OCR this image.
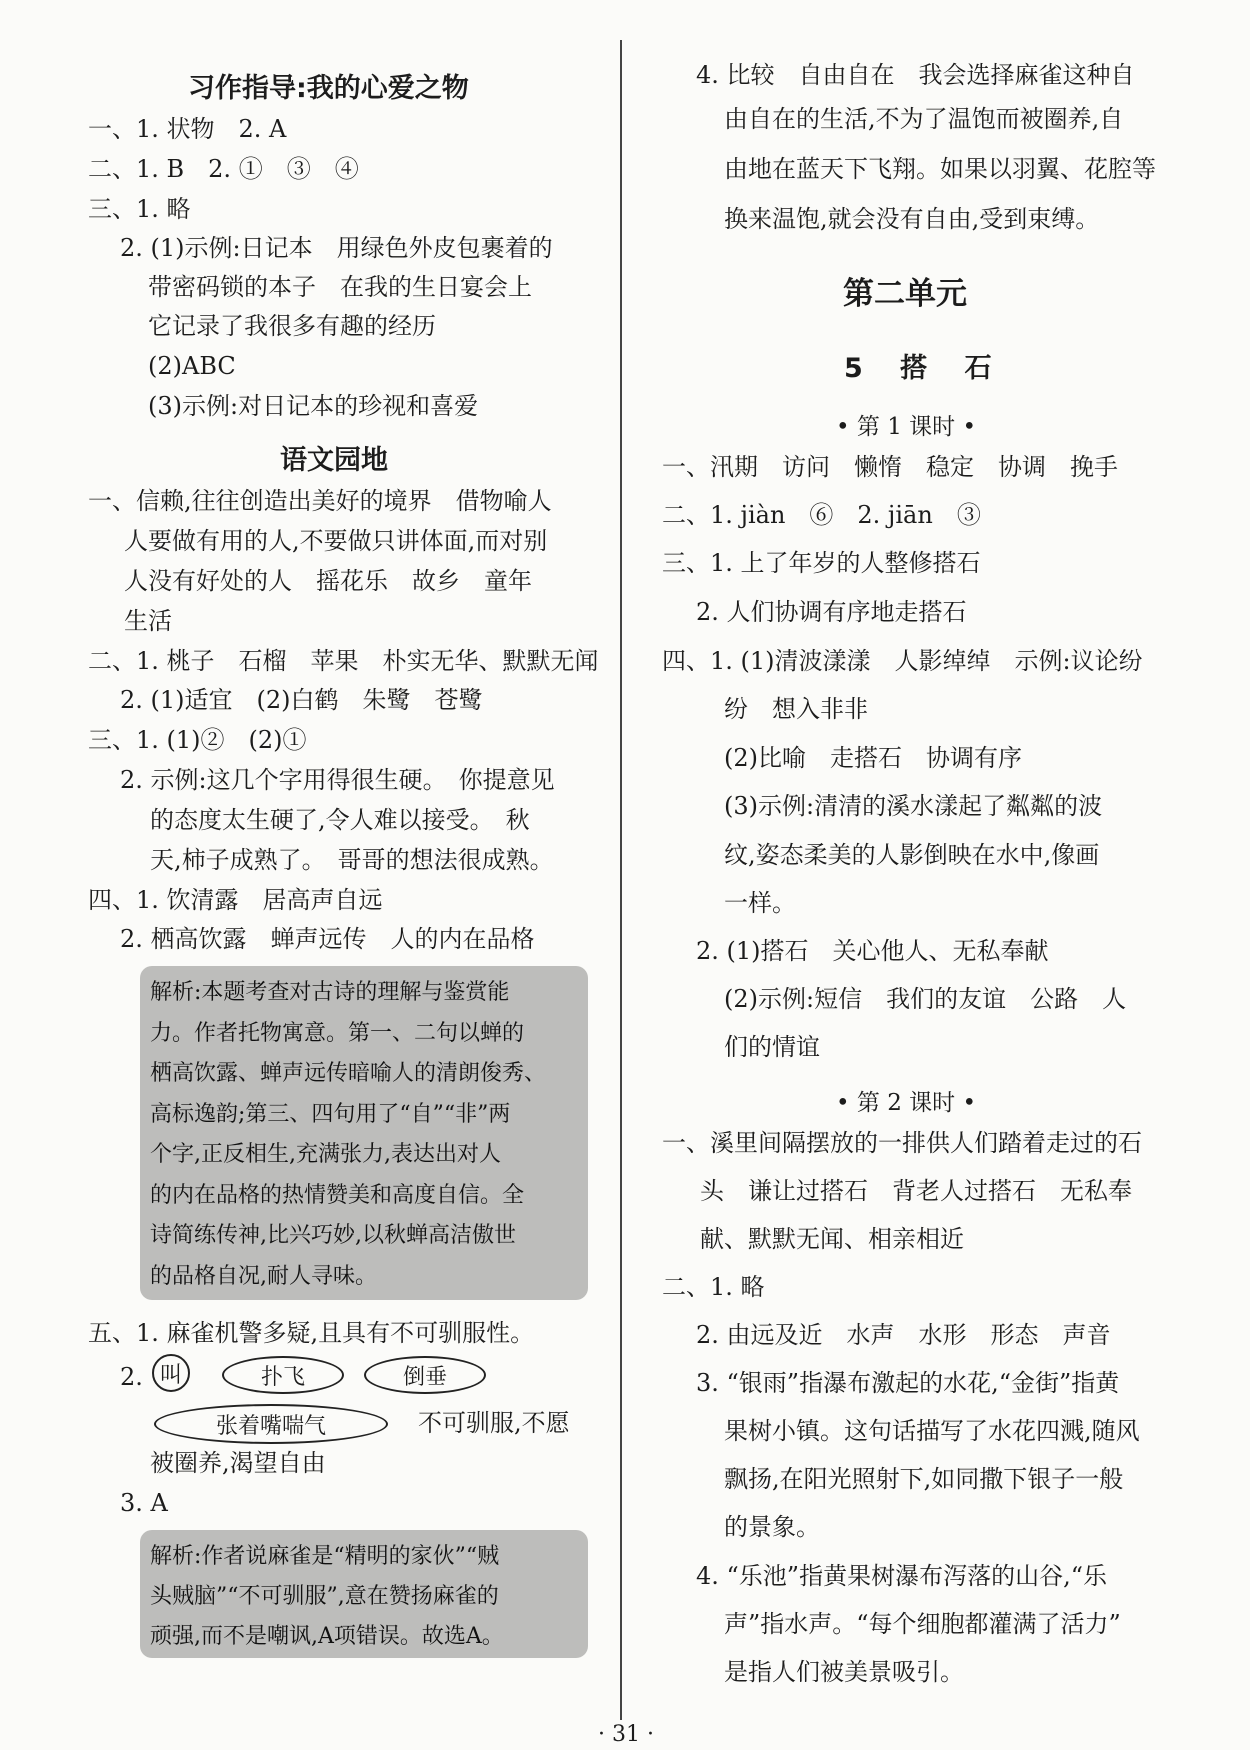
习作指导:我的心爱之物
一、1. 状物　2. A
二、1. B　2. ①　③　④
三、1. 略
2. (1)示例:日记本　用绿色外皮包裹着的
带密码锁的本子　在我的生日宴会上
它记录了我很多有趣的经历
(2)ABC
(3)示例:对日记本的珍视和喜爱
语文园地
一、信赖,往往创造出美好的境界　借物喻人
人要做有用的人,不要做只讲体面,而对别
人没有好处的人　摇花乐　故乡　童年
生活
二、1. 桃子　石榴　苹果　朴实无华、默默无闻
2. (1)适宜　(2)白鹤　朱鹭　苍鹭
三、1. (1)②　(2)①
2. 示例:这几个字用得很生硬。　你提意见
的态度太生硬了,令人难以接受。　秋
天,柿子成熟了。　哥哥的想法很成熟。
四、1. 饮清露　居高声自远
2. 栖高饮露　蝉声远传　人的内在品格
解析:本题考查对古诗的理解与鉴赏能
力。作者托物寓意。第一、二句以蝉的
栖高饮露、蝉声远传暗喻人的清朗俊秀、
高标逸韵;第三、四句用了“自”“非”两
个字,正反相生,充满张力,表达出对人
的内在品格的热情赞美和高度自信。全
诗简练传神,比兴巧妙,以秋蝉高洁傲世
的品格自况,耐人寻味。
五、1. 麻雀机警多疑,且具有不可驯服性。
2. 叫	扑飞	倒垂
张着嘴喘气	不可驯服,不愿
被圈养,渴望自由
3. A
解析:作者说麻雀是“精明的家伙”“贼
头贼脑”“不可驯服”,意在赞扬麻雀的
顽强,而不是嘲讽,A项错误。故选A。
4. 比较　自由自在　我会选择麻雀这种自
由自在的生活,不为了温饱而被圈养,自
由地在蓝天下飞翔。如果以羽翼、花腔等
换来温饱,就会没有自由,受到束缚。
第二单元
5 搭 石
• 第 1 课时 •
一、汛期　访问　懒惰　稳定　协调　挽手
二、1. jiàn　⑥　2. jiān　③
三、1. 上了年岁的人整修搭石
2. 人们协调有序地走搭石
四、1. (1)清波漾漾　人影绰绰　示例:议论纷
纷　想入非非
(2)比喻　走搭石　协调有序
(3)示例:清清的溪水漾起了粼粼的波
纹,姿态柔美的人影倒映在水中,像画
一样。
2. (1)搭石　关心他人、无私奉献
(2)示例:短信　我们的友谊　公路　人
们的情谊
• 第 2 课时 •
一、溪里间隔摆放的一排供人们踏着走过的石
头　谦让过搭石　背老人过搭石　无私奉
献、默默无闻、相亲相近
二、1. 略
2. 由远及近　水声　水形　形态　声音
3. “银雨”指瀑布激起的水花,“金街”指黄
果树小镇。这句话描写了水花四溅,随风
飘扬,在阳光照射下,如同撒下银子一般
的景象。
4. “乐池”指黄果树瀑布泻落的山谷,“乐
声”指水声。“每个细胞都灌满了活力”
是指人们被美景吸引。
· 31 ·
